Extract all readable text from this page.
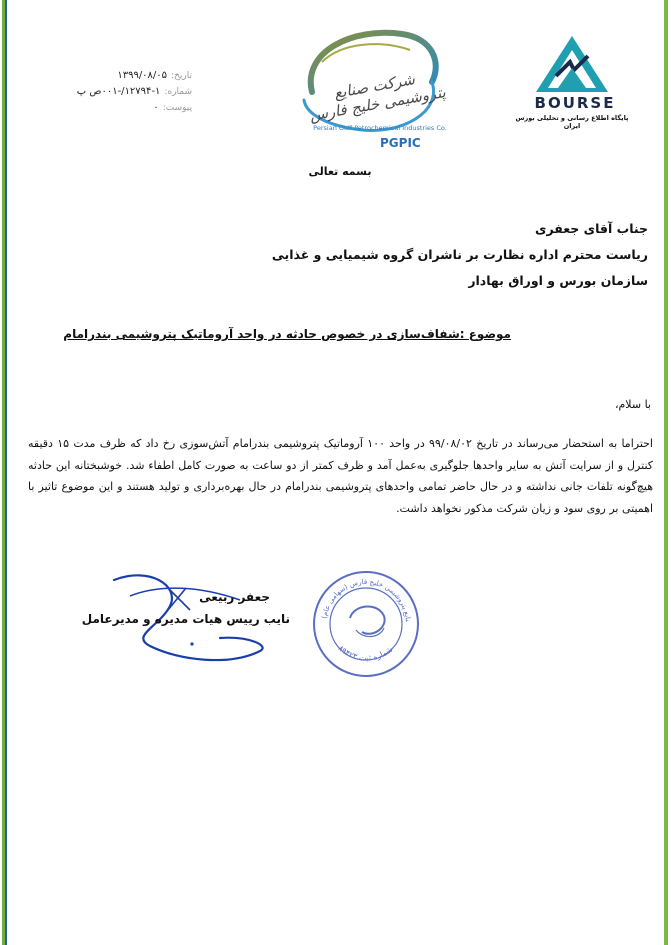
تاریخ:
۱۳۹۹/۰۸/۰۵
شماره:
۱۲۷۹۴-۱/-۰۰۱ص پ
پیوست:
۰
شرکت صنایع پتروشیمی خلیج فارس
Persian Gulf Petrochemical Industries Co.
PGPIC
BOURSE
پایگاه اطلاع رسانی و تحلیلی بورس ایران
بسمه تعالی
جناب آقای جعفری
ریاست محترم اداره نظارت بر ناشران گروه شیمیایی و غذایی
سازمان بورس و اوراق بهادار
موضوع :شفاف‌سازی در خصوص حادثه در واحد آروماتیک پتروشیمی بندرامام
با سلام،
احتراما به استحضار می‌رساند در تاریخ ۹۹/۰۸/۰۲ در واحد ۱۰۰ آروماتیک پتروشیمی بندرامام آتش‌سوزی رخ داد که ظرف مدت ۱۵ دقیقه کنترل و از سرایت آتش به سایر واحدها جلوگیری به‌عمل آمد و ظرف کمتر از دو ساعت به صورت کامل اطفاء شد. خوشبختانه این حادثه هیچ‌گونه تلفات جانی نداشته و در حال حاضر تمامی واحدهای پتروشیمی بندرامام در حال بهره‌برداری و تولید هستند و این موضوع تاثیر با اهمیتی بر روی سود و زیان شرکت مذکور نخواهد داشت.
جعفر ربیعی
نایب رییس هیات مدیره و مدیرعامل	نایع پتروشیمی خلیج فارس (سهامی عام)
شماره ثبت ۸۹۴۲۳
